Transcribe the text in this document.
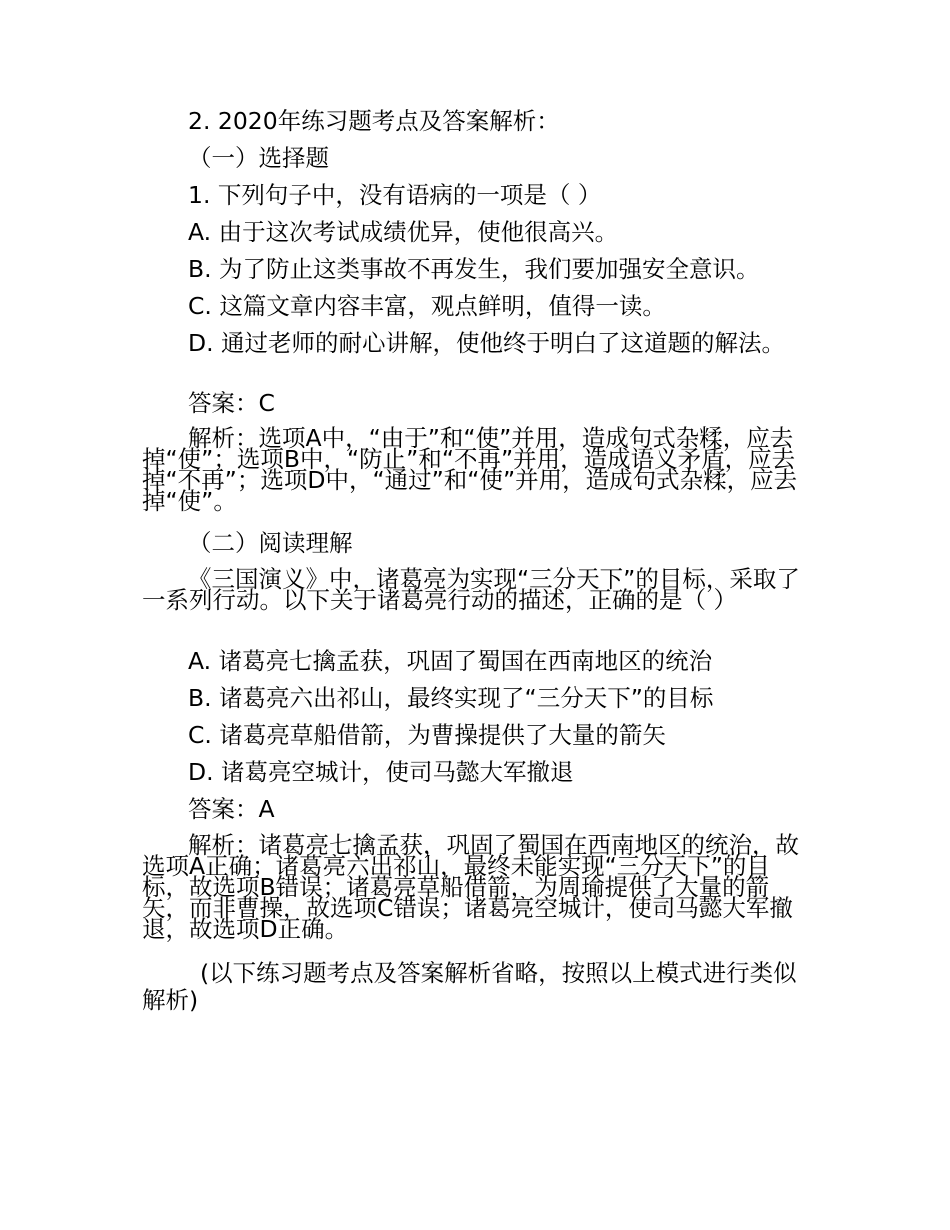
2. 2020年练习题考点及答案解析：

（一）选择题

1. 下列句子中，没有语病的一项是（ ）

A. 由于这次考试成绩优异，使他很高兴。

B. 为了防止这类事故不再发生，我们要加强安全意识。

C. 这篇文章内容丰富，观点鲜明，值得一读。

D. 通过老师的耐心讲解，使他终于明白了这道题的解法。

答案：C

解析：选项A中，“由于”和“使”并用，造成句式杂糅，应去掉“使”；选项B中，“防止”和“不再”并用，造成语义矛盾，应去掉“不再”；选项D中，“通过”和“使”并用，造成句式杂糅，应去掉“使”。

（二）阅读理解

《三国演义》中，诸葛亮为实现“三分天下”的目标，采取了一系列行动。以下关于诸葛亮行动的描述，正确的是（ ）

A. 诸葛亮七擒孟获，巩固了蜀国在西南地区的统治

B. 诸葛亮六出祁山，最终实现了“三分天下”的目标

C. 诸葛亮草船借箭，为曹操提供了大量的箭矢

D. 诸葛亮空城计，使司马懿大军撤退

答案：A

解析：诸葛亮七擒孟获，巩固了蜀国在西南地区的统治，故选项A正确；诸葛亮六出祁山，最终未能实现“三分天下”的目标，故选项B错误；诸葛亮草船借箭，为周瑜提供了大量的箭矢，而非曹操，故选项C错误；诸葛亮空城计，使司马懿大军撤退，故选项D正确。

(以下练习题考点及答案解析省略，按照以上模式进行类似解析)
